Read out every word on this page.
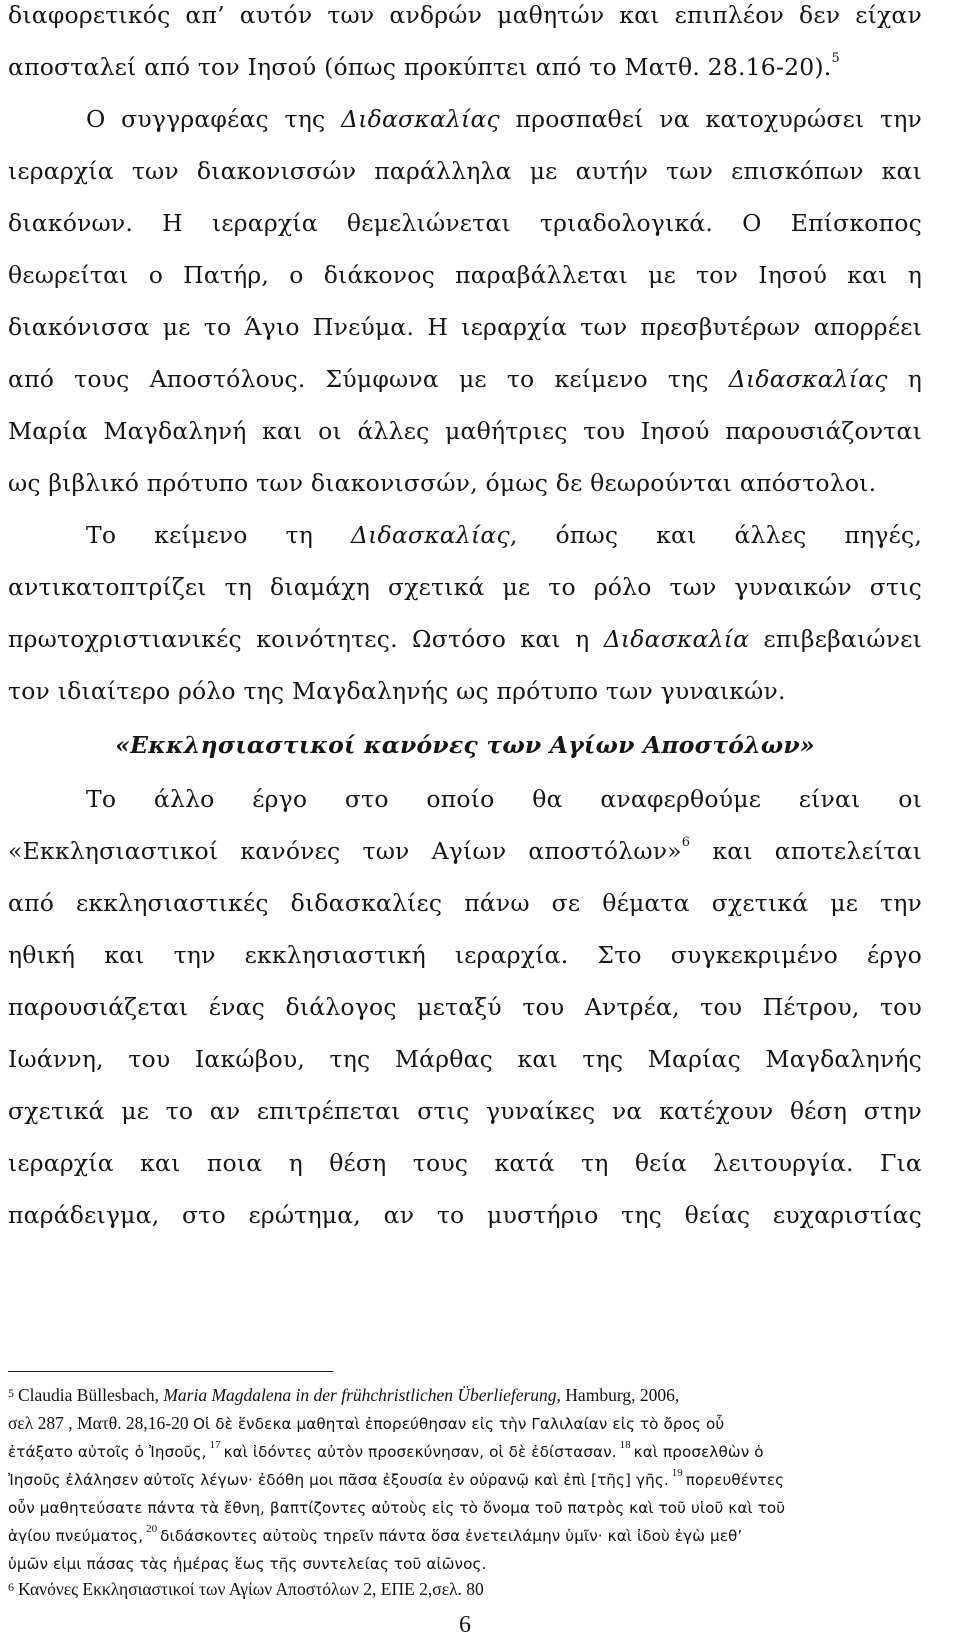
διαφορετικός απ’ αυτόν των ανδρών μαθητών και επιπλέον δεν είχαν
αποσταλεί από τον Ιησού (όπως προκύπτει από το Ματθ. 28.16-20).$^5$
Ο συγγραφέας της Διδασκαλίας προσπαθεί να κατοχυρώσει την
ιεραρχία των διακονισσών παράλληλα με αυτήν των επισκόπων και
διακόνων. Η ιεραρχία θεμελιώνεται τριαδολογικά. Ο Επίσκοπος
θεωρείται ο Πατήρ, ο διάκονος παραβάλλεται με τον Ιησού και η
διακόνισσα με το Άγιο Πνεύμα. Η ιεραρχία των πρεσβυτέρων απορρέει
από τους Αποστόλους. Σύμφωνα με το κείμενο της Διδασκαλίας η
Μαρία Μαγδαληνή και οι άλλες μαθήτριες του Ιησού παρουσιάζονται
ως βιβλικό πρότυπο των διακονισσών, όμως δε θεωρούνται απόστολοι.
Το κείμενο τη Διδασκαλίας, όπως και άλλες πηγές,
αντικατοπτρίζει τη διαμάχη σχετικά με το ρόλο των γυναικών στις
πρωτοχριστιανικές κοινότητες. Ωστόσο και η Διδασκαλία επιβεβαιώνει
τον ιδιαίτερο ρόλο της Μαγδαληνής ως πρότυπο των γυναικών.
«Εκκλησιαστικοί κανόνες των Αγίων Αποστόλων»
Το άλλο έργο στο οποίο θα αναφερθούμε είναι οι
«Εκκλησιαστικοί κανόνες των Αγίων αποστόλων»$^6$ και αποτελείται
από εκκλησιαστικές διδασκαλίες πάνω σε θέματα σχετικά με την
ηθική και την εκκλησιαστική ιεραρχία. Στο συγκεκριμένο έργο
παρουσιάζεται ένας διάλογος μεταξύ του Αντρέα, του Πέτρου, του
Ιωάννη, του Ιακώβου, της Μάρθας και της Μαρίας Μαγδαληνής
σχετικά με το αν επιτρέπεται στις γυναίκες να κατέχουν θέση στην
ιεραρχία και ποια η θέση τους κατά τη θεία λειτουργία. Για
παράδειγμα, στο ερώτημα, αν το μυστήριο της θείας ευχαριστίας
$^5$ Claudia Büllesbach, Maria Magdalena in der frühchristlichen Überlieferung, Hamburg, 2006,
σελ 287 , Ματθ. 28,16-20 Οἱ δὲ ἕνδεκα μαθηταὶ ἐπορεύθησαν εἰς τὴν Γαλιλαίαν εἰς τὸ ὄρος οὗ
ἐτάξατο αὐτοῖς ὁ Ἰησοῦς, $^{17}$ καὶ ἰδόντες αὐτὸν προσεκύνησαν, οἱ δὲ ἐδίστασαν. $^{18}$ καὶ προσελθὼν ὁ
Ἰησοῦς ἐλάλησεν αὐτοῖς λέγων· ἐδόθη μοι πᾶσα ἐξουσία ἐν οὐρανῷ καὶ ἐπὶ [τῆς] γῆς. $^{19}$ πορευθέντες
οὖν μαθητεύσατε πάντα τὰ ἔθνη, βαπτίζοντες αὐτοὺς εἰς τὸ ὄνομα τοῦ πατρὸς καὶ τοῦ υἱοῦ καὶ τοῦ
ἁγίου πνεύματος, $^{20}$ διδάσκοντες αὐτοὺς τηρεῖν πάντα ὅσα ἐνετειλάμην ὑμῖν· καὶ ἰδοὺ ἐγὼ μεθ’
ὑμῶν εἰμι πάσας τὰς ἡμέρας ἕως τῆς συντελείας τοῦ αἰῶνος.
$^6$ Κανόνες Εκκλησιαστικοί των Αγίων Αποστόλων 2, ΕΠΕ 2,σελ. 80
6
